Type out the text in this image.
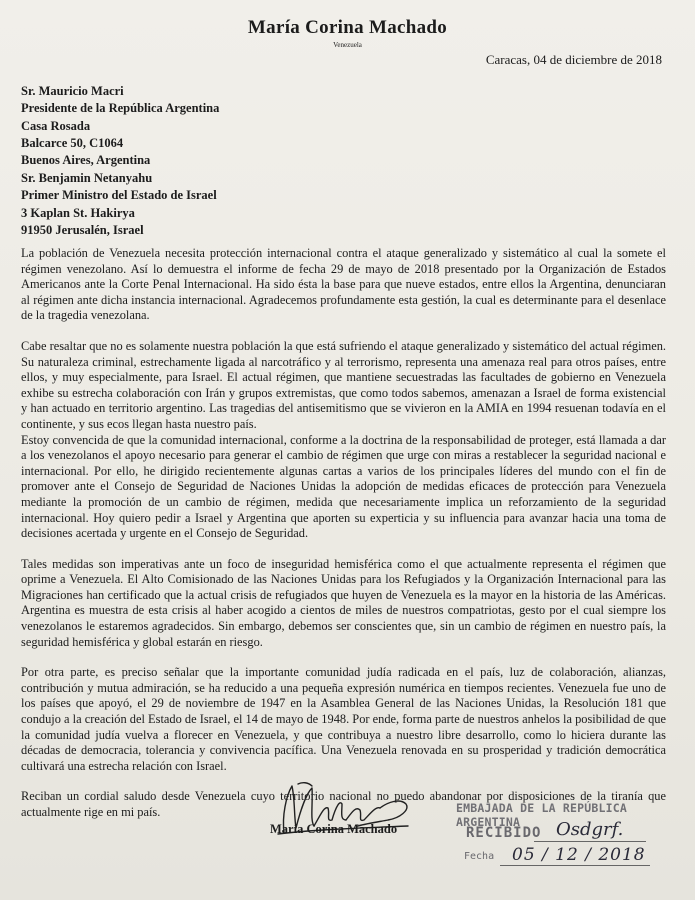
María Corina Machado
Venezuela
Caracas, 04 de diciembre de 2018
Sr. Mauricio Macri
Presidente de la República Argentina
Casa Rosada
Balcarce 50, C1064
Buenos Aires, Argentina
Sr. Benjamin Netanyahu
Primer Ministro del Estado de Israel
3 Kaplan St. Hakirya
91950 Jerusalén, Israel

La población de Venezuela necesita protección internacional contra el ataque generalizado y sistemático al cual la somete el régimen venezolano. Así lo demuestra el informe de fecha 29 de mayo de 2018 presentado por la Organización de Estados Americanos ante la Corte Penal Internacional. Ha sido ésta la base para que nueve estados, entre ellos la Argentina, denunciaran al régimen ante dicha instancia internacional. Agradecemos profundamente esta gestión, la cual es determinante para el desenlace de la tragedia venezolana.

Cabe resaltar que no es solamente nuestra población la que está sufriendo el ataque generalizado y sistemático del actual régimen. Su naturaleza criminal, estrechamente ligada al narcotráfico y al terrorismo, representa una amenaza real para otros países, entre ellos, y muy especialmente, para Israel. El actual régimen, que mantiene secuestradas las facultades de gobierno en Venezuela exhibe su estrecha colaboración con Irán y grupos extremistas, que como todos sabemos, amenazan a Israel de forma existencial y han actuado en territorio argentino. Las tragedias del antisemitismo que se vivieron en la AMIA en 1994 resuenan todavía en el continente, y sus ecos llegan hasta nuestro país.

Estoy convencida de que la comunidad internacional, conforme a la doctrina de la responsabilidad de proteger, está llamada a dar a los venezolanos el apoyo necesario para generar el cambio de régimen que urge con miras a restablecer la seguridad nacional e internacional. Por ello, he dirigido recientemente algunas cartas a varios de los principales líderes del mundo con el fin de promover ante el Consejo de Seguridad de Naciones Unidas la adopción de medidas eficaces de protección para Venezuela mediante la promoción de un cambio de régimen, medida que necesariamente implica un reforzamiento de la seguridad internacional. Hoy quiero pedir a Israel y Argentina que aporten su experticia y su influencia para avanzar hacia una toma de decisiones acertada y urgente en el Consejo de Seguridad.

Tales medidas son imperativas ante un foco de inseguridad hemisférica como el que actualmente representa el régimen que oprime a Venezuela. El Alto Comisionado de las Naciones Unidas para los Refugiados y la Organización Internacional para las Migraciones han certificado que la actual crisis de refugiados que huyen de Venezuela es la mayor en la historia de las Américas. Argentina es muestra de esta crisis al haber acogido a cientos de miles de nuestros compatriotas, gesto por el cual siempre los venezolanos le estaremos agradecidos. Sin embargo, debemos ser conscientes que, sin un cambio de régimen en nuestro país, la seguridad hemisférica y global estarán en riesgo.

Por otra parte, es preciso señalar que la importante comunidad judía radicada en el país, luz de colaboración, alianzas, contribución y mutua admiración, se ha reducido a una pequeña expresión numérica en tiempos recientes. Venezuela fue uno de los países que apoyó, el 29 de noviembre de 1947 en la Asamblea General de las Naciones Unidas, la Resolución 181 que condujo a la creación del Estado de Israel, el 14 de mayo de 1948. Por ende, forma parte de nuestros anhelos la posibilidad de que la comunidad judía vuelva a florecer en Venezuela, y que contribuya a nuestro libre desarrollo, como lo hiciera durante las décadas de democracia, tolerancia y convivencia pacífica. Una Venezuela renovada en su prosperidad y tradición democrática cultivará una estrecha relación con Israel.

Reciban un cordial saludo desde Venezuela cuyo territorio nacional no puedo abandonar por disposiciones de la tiranía que actualmente rige en mi país.

María Corina Machado
EMBAJADA DE LA REPÚBLICA ARGENTINA
RECIBIDO Osdgrf.
Fecha 05 / 12 / 2018
